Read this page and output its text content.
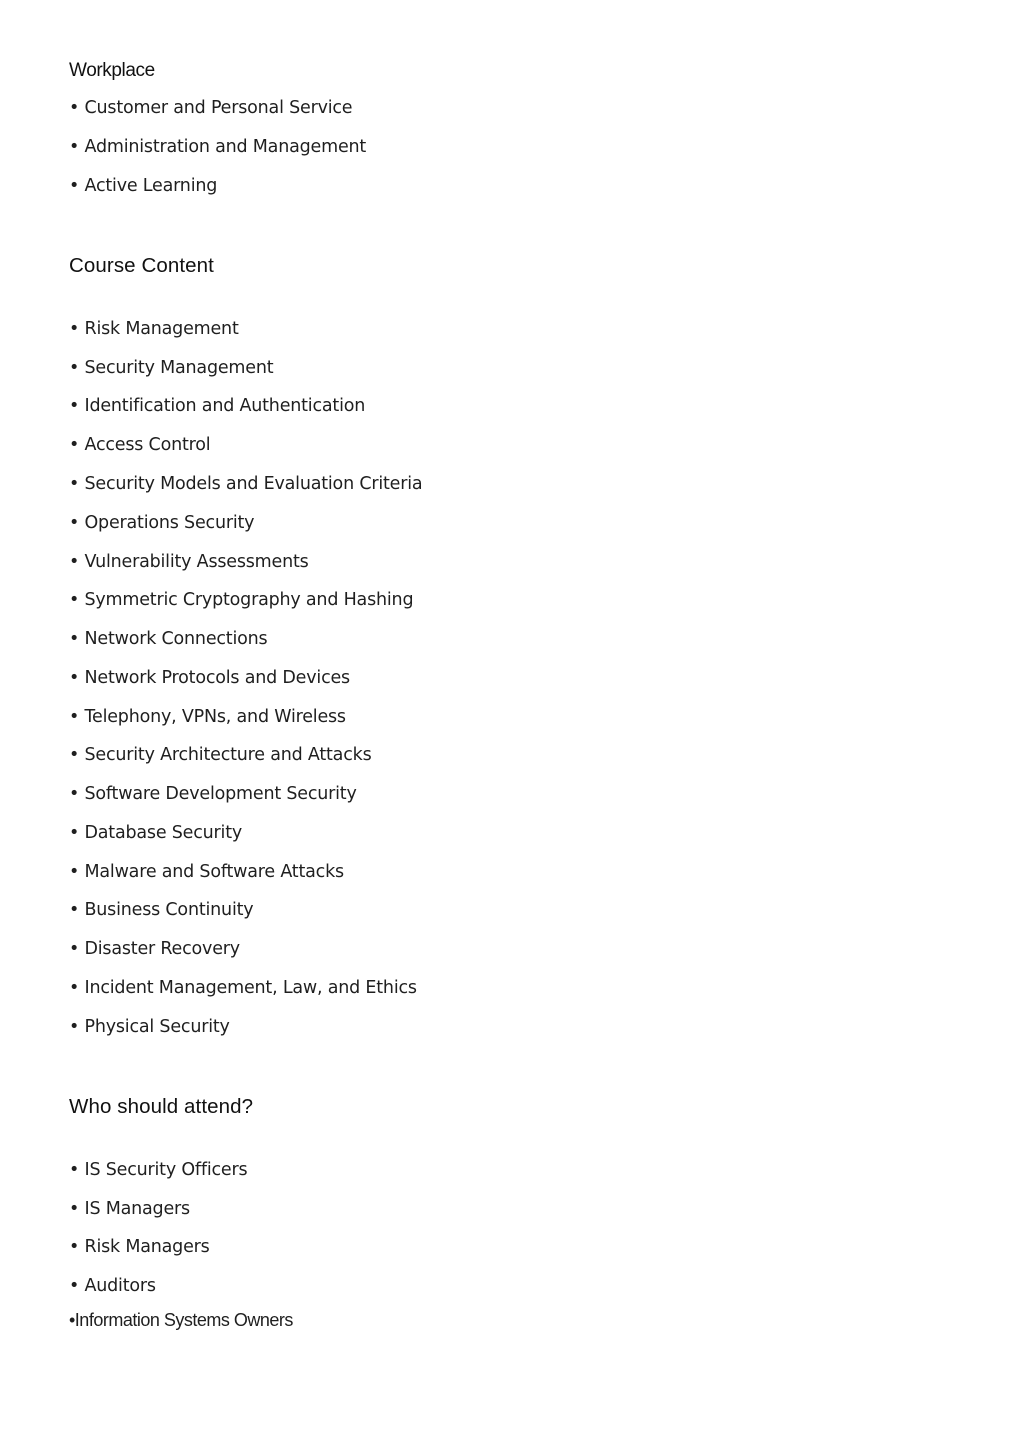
Workplace
• Customer and Personal Service
• Administration and Management
• Active Learning
Course Content
• Risk Management
• Security Management
• Identification and Authentication
• Access Control
• Security Models and Evaluation Criteria
• Operations Security
• Vulnerability Assessments
• Symmetric Cryptography and Hashing
• Network Connections
• Network Protocols and Devices
• Telephony, VPNs, and Wireless
• Security Architecture and Attacks
• Software Development Security
• Database Security
• Malware and Software Attacks
• Business Continuity
• Disaster Recovery
• Incident Management, Law, and Ethics
• Physical Security
Who should attend?
• IS Security Officers
• IS Managers
• Risk Managers
• Auditors
•Information Systems Owners
